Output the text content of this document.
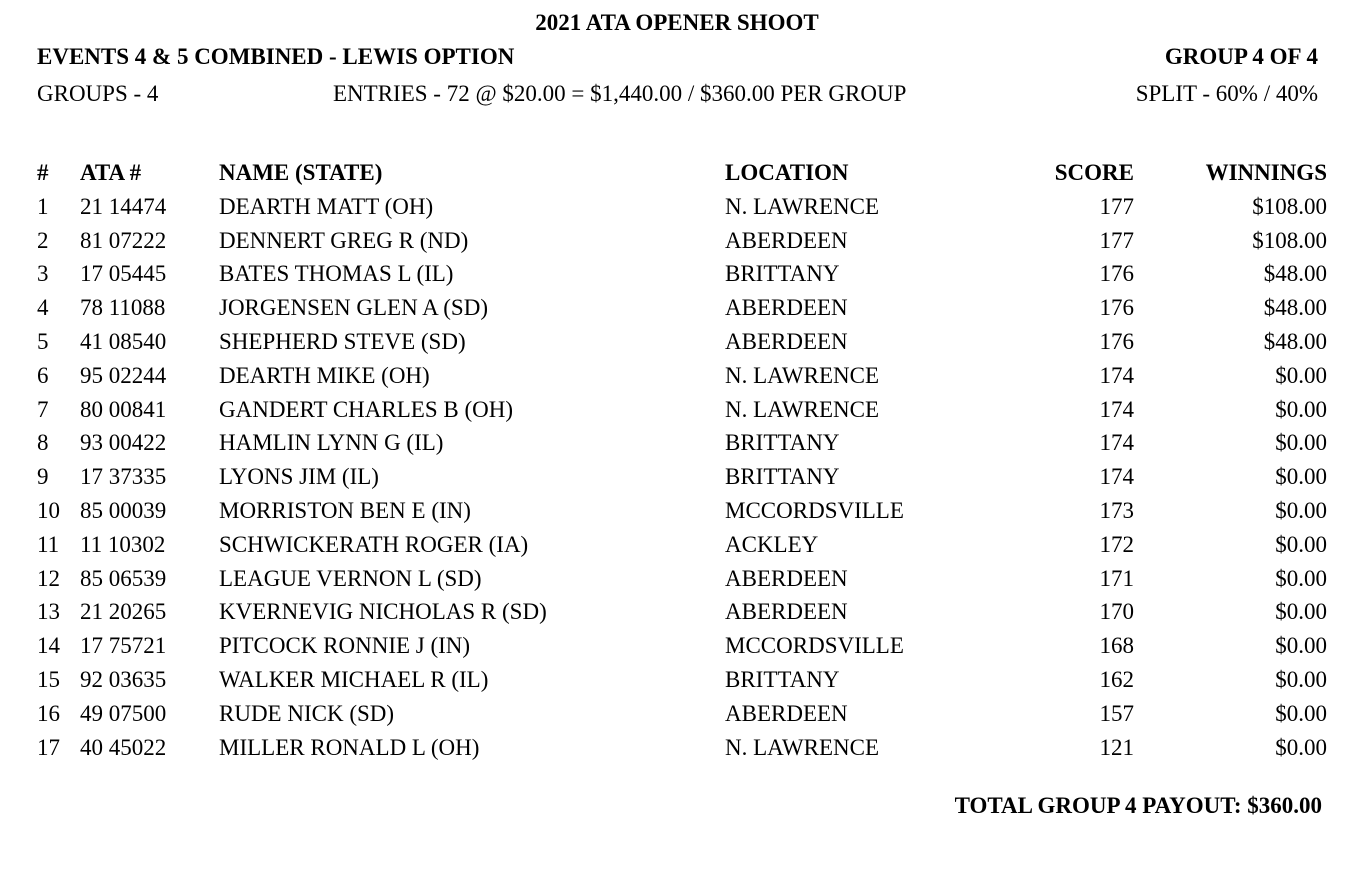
2021 ATA OPENER SHOOT
EVENTS 4 & 5 COMBINED - LEWIS OPTION	GROUP 4 OF 4
GROUPS - 4	ENTRIES - 72 @ $20.00 = $1,440.00 / $360.00 PER GROUP	SPLIT - 60% / 40%
#	ATA #	NAME (STATE)	LOCATION	SCORE	WINNINGS
1	21 14474	DEARTH MATT (OH)	N. LAWRENCE	177	$108.00
2	81 07222	DENNERT GREG R (ND)	ABERDEEN	177	$108.00
3	17 05445	BATES THOMAS L (IL)	BRITTANY	176	$48.00
4	78 11088	JORGENSEN GLEN A (SD)	ABERDEEN	176	$48.00
5	41 08540	SHEPHERD STEVE (SD)	ABERDEEN	176	$48.00
6	95 02244	DEARTH MIKE (OH)	N. LAWRENCE	174	$0.00
7	80 00841	GANDERT CHARLES B (OH)	N. LAWRENCE	174	$0.00
8	93 00422	HAMLIN LYNN G (IL)	BRITTANY	174	$0.00
9	17 37335	LYONS JIM (IL)	BRITTANY	174	$0.00
10	85 00039	MORRISTON BEN E (IN)	MCCORDSVILLE	173	$0.00
11	11 10302	SCHWICKERATH ROGER (IA)	ACKLEY	172	$0.00
12	85 06539	LEAGUE VERNON L (SD)	ABERDEEN	171	$0.00
13	21 20265	KVERNEVIG NICHOLAS R (SD)	ABERDEEN	170	$0.00
14	17 75721	PITCOCK RONNIE J (IN)	MCCORDSVILLE	168	$0.00
15	92 03635	WALKER MICHAEL R (IL)	BRITTANY	162	$0.00
16	49 07500	RUDE NICK (SD)	ABERDEEN	157	$0.00
17	40 45022	MILLER RONALD L (OH)	N. LAWRENCE	121	$0.00
TOTAL GROUP 4 PAYOUT: $360.00
